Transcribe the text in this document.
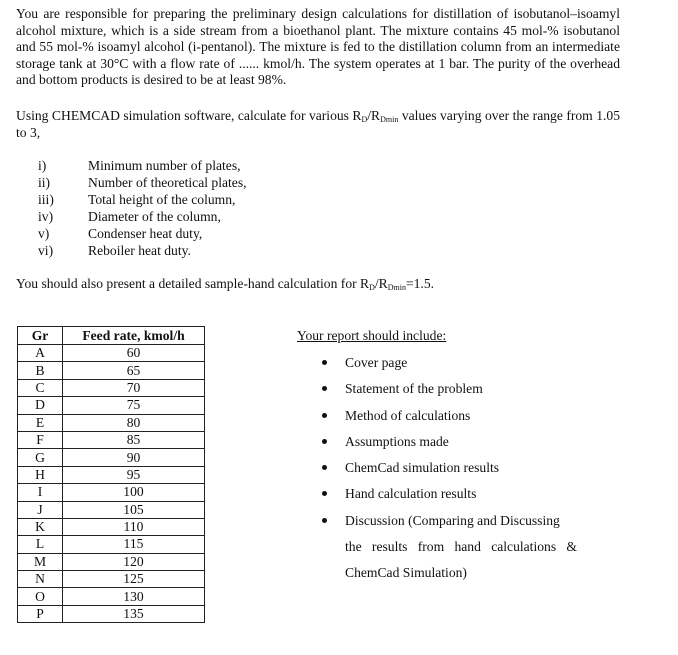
You are responsible for preparing the preliminary design calculations for distillation of isobutanol–isoamyl alcohol mixture, which is a side stream from a bioethanol plant. The mixture contains 45 mol-% isobutanol and 55 mol-% isoamyl alcohol (i-pentanol). The mixture is fed to the distillation column from an intermediate storage tank at 30°C with a flow rate of ...... kmol/h. The system operates at 1 bar. The purity of the overhead and bottom products is desired to be at least 98%.

Using CHEMCAD simulation software, calculate for various $R_D/R_{Dmin}$ values varying over the range from 1.05 to 3,

i)	Minimum number of plates,
ii)	Number of theoretical plates,
iii)	Total height of the column,
iv)	Diameter of the column,
v)	Condenser heat duty,
vi)	Reboiler heat duty.

You should also present a detailed sample-hand calculation for $R_D/R_{Dmin}=1.5$.

Gr	Feed rate, kmol/h
A	60
B	65
C	70
D	75
E	80
F	85
G	90
H	95
I	100
J	105
K	110
L	115
M	120
N	125
O	130
P	135

Your report should include:

Cover page
Statement of the problem
Method of calculations
Assumptions made
ChemCad simulation results
Hand calculation results
Discussion (Comparing and Discussing
the results from hand calculations &
ChemCad Simulation)
